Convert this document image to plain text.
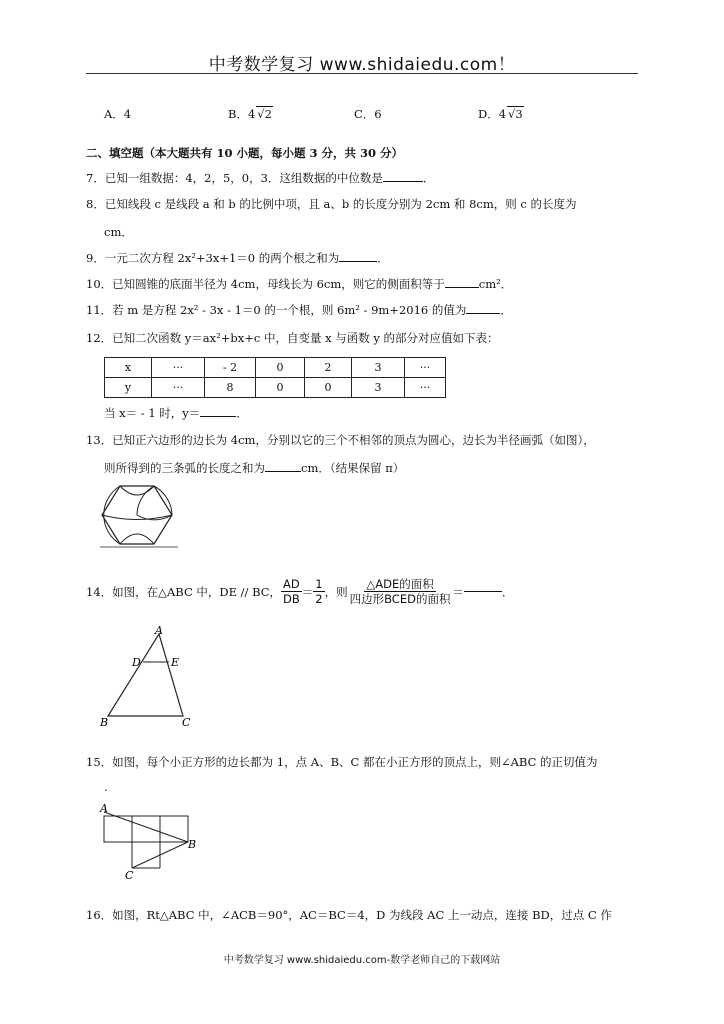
中考数学复习 www.shidaiedu.com！
A．4	B．4 √2	C．6	D．4 √3
二、填空题（本大题共有 10 小题，每小题 3 分，共 30 分）
7．已知一组数据：4，2，5，0，3．这组数据的中位数是	．
8．已知线段 c 是线段 a 和 b 的比例中项，且 a、b 的长度分别为 2cm 和 8cm，则 c 的长度为
cm．
9．一元二次方程 2x²+3x+1＝0 的两个根之和为	．
10．已知圆锥的底面半径为 4cm，母线长为 6cm，则它的侧面积等于	cm²．
11．若 m 是方程 2x² ‑ 3x ‑ 1＝0 的一个根，则 6m² ‑ 9m+2016 的值为	．
12．已知二次函数 y＝ax²+bx+c 中，自变量 x 与函数 y 的部分对应值如下表：
x	···	‑ 2	0	2	3	···
y	···	8	0	0	3	···
当 x＝ ‑ 1 时，y＝	．
13．已知正六边形的边长为 4cm，分别以它的三个不相邻的顶点为圆心，边长为半径画弧（如图），
则所得到的三条弧的长度之和为	cm．（结果保留 π）
14．如图，在△ABC 中，DE // BC， $\frac{AD}{DB} = \frac{1}{2}$ ，则 $\frac{\text{△ADE的面积}}{\text{四边形BCED的面积}}$ ＝	．
A
D	E
B	C
15．如图，每个小正方形的边长都为 1，点 A、B、C 都在小正方形的顶点上，则∠ABC 的正切值为
.
A
B
C
16．如图，Rt△ABC 中，∠ACB＝90°，AC＝BC＝4，D 为线段 AC 上一动点，连接 BD，过点 C 作
中考数学复习 www.shidaiedu.com-数学老师自己的下载网站
